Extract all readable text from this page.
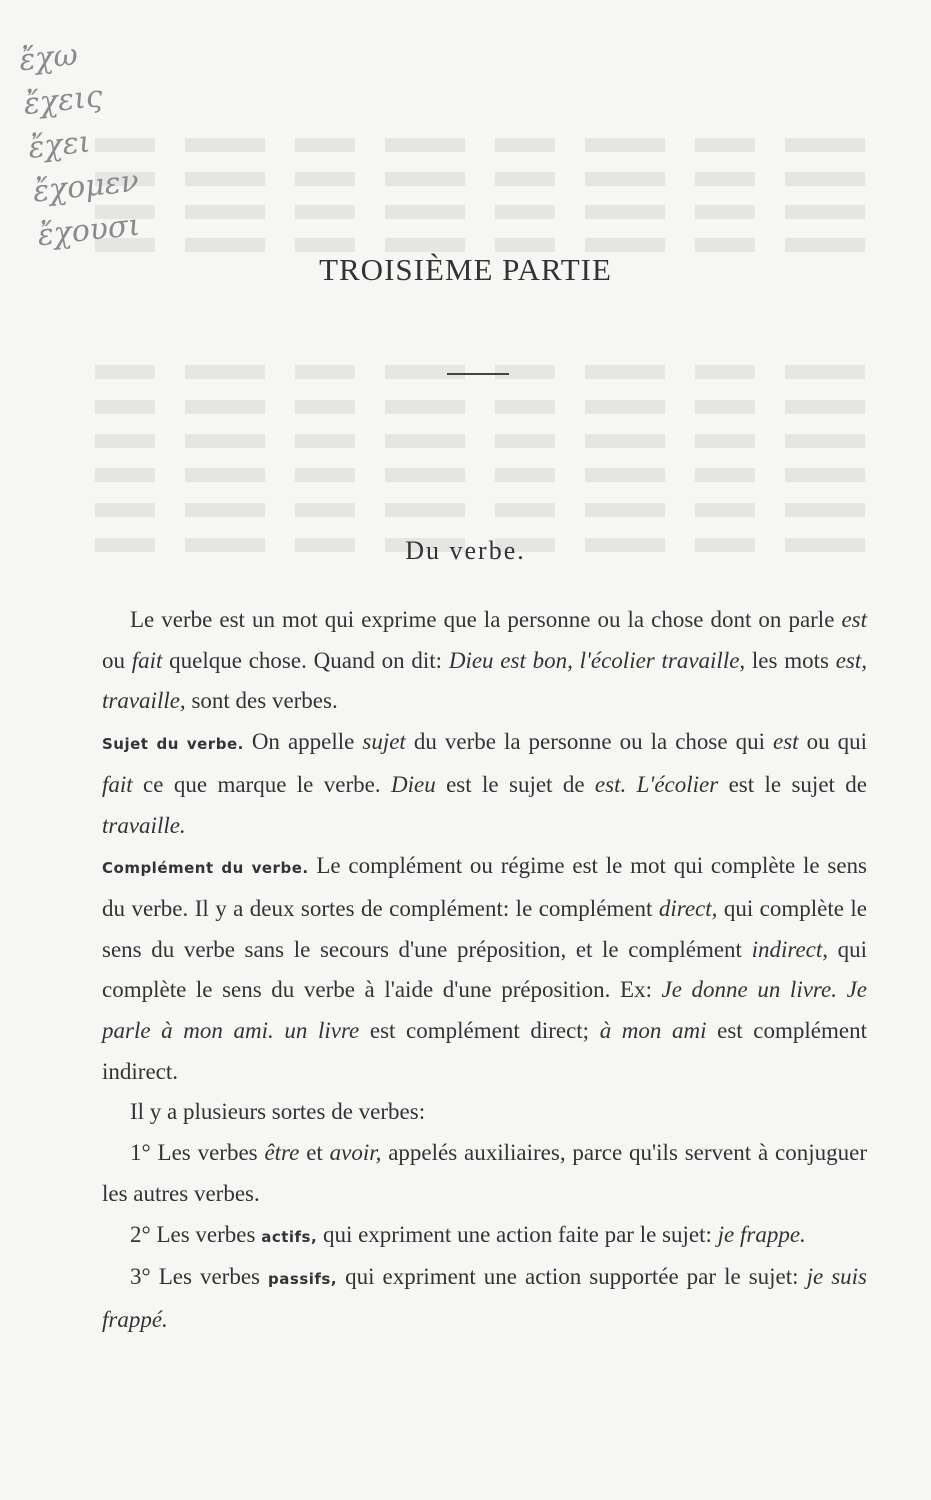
ἔχω
ἔχεις
ἔχει
ἔχομεν
ἔχουσι
TROISIÈME PARTIE
Du verbe.

Le verbe est un mot qui exprime que la personne ou la chose dont on parle est ou fait quelque chose. Quand on dit: Dieu est bon, l'écolier travaille, les mots est, travaille, sont des verbes.

Sujet du verbe. On appelle sujet du verbe la personne ou la chose qui est ou qui fait ce que marque le verbe. Dieu est le sujet de est. L'écolier est le sujet de travaille.

Complément du verbe. Le complément ou régime est le mot qui complète le sens du verbe. Il y a deux sortes de complément: le complément direct, qui complète le sens du verbe sans le secours d'une préposition, et le complément indirect, qui complète le sens du verbe à l'aide d'une préposition. Ex: Je donne un livre. Je parle à mon ami. un livre est complément direct; à mon ami est complément indirect.

Il y a plusieurs sortes de verbes:

1° Les verbes être et avoir, appelés auxiliaires, parce qu'ils servent à conjuguer les autres verbes.

2° Les verbes actifs, qui expriment une action faite par le sujet: je frappe.

3° Les verbes passifs, qui expriment une action supportée par le sujet: je suis frappé.
